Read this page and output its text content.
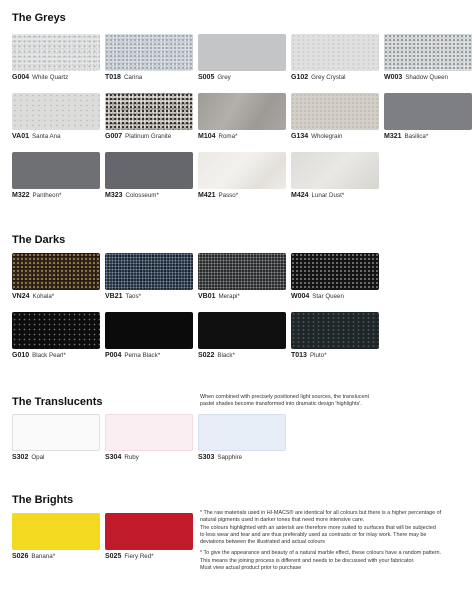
The Greys
G004 White Quartz	T018 Carina	S005 Grey	G102 Grey Crystal	W003 Shadow Queen
VA01 Santa Ana	G007 Platinum Granite	M104 Roma*	G134 Wholegrain	M321 Basilica*
M322 Pantheon*	M323 Colosseum*	M421 Passo*	M424 Lunar Dust*
The Darks
VN24 Kohala*	VB21 Taos*	VB01 Merapi*	W004 Star Queen
G010 Black Pearl*	P004 Perna Black*	S022 Black*	T013 Pluto*
The Translucents	When combined with precisely positioned light sources, the translucent

pastel shades become transformed into dramatic design 'highlights'.

S302 Opal	S304 Ruby	S303 Sapphire
The Brights
S026 Banana*	S025 Fiery Red*

* The raw materials used in HI-MACS® are identical for all colours but there is a higher percentage of

natural pigments used in darker tones that need more intensive care.

The colours highlighted with an asterisk are therefore more suited to surfaces that will be subjected

to less wear and tear and are thus preferably used as contrasts or for inlay work. There may be

deviations between the illustrated and actual colours

* To give the appearance and beauty of a natural marble effect, these colours have a random pattern.

This means the joining process is different and needs to be discussed with your fabricator.

Must view actual product prior to purchase
